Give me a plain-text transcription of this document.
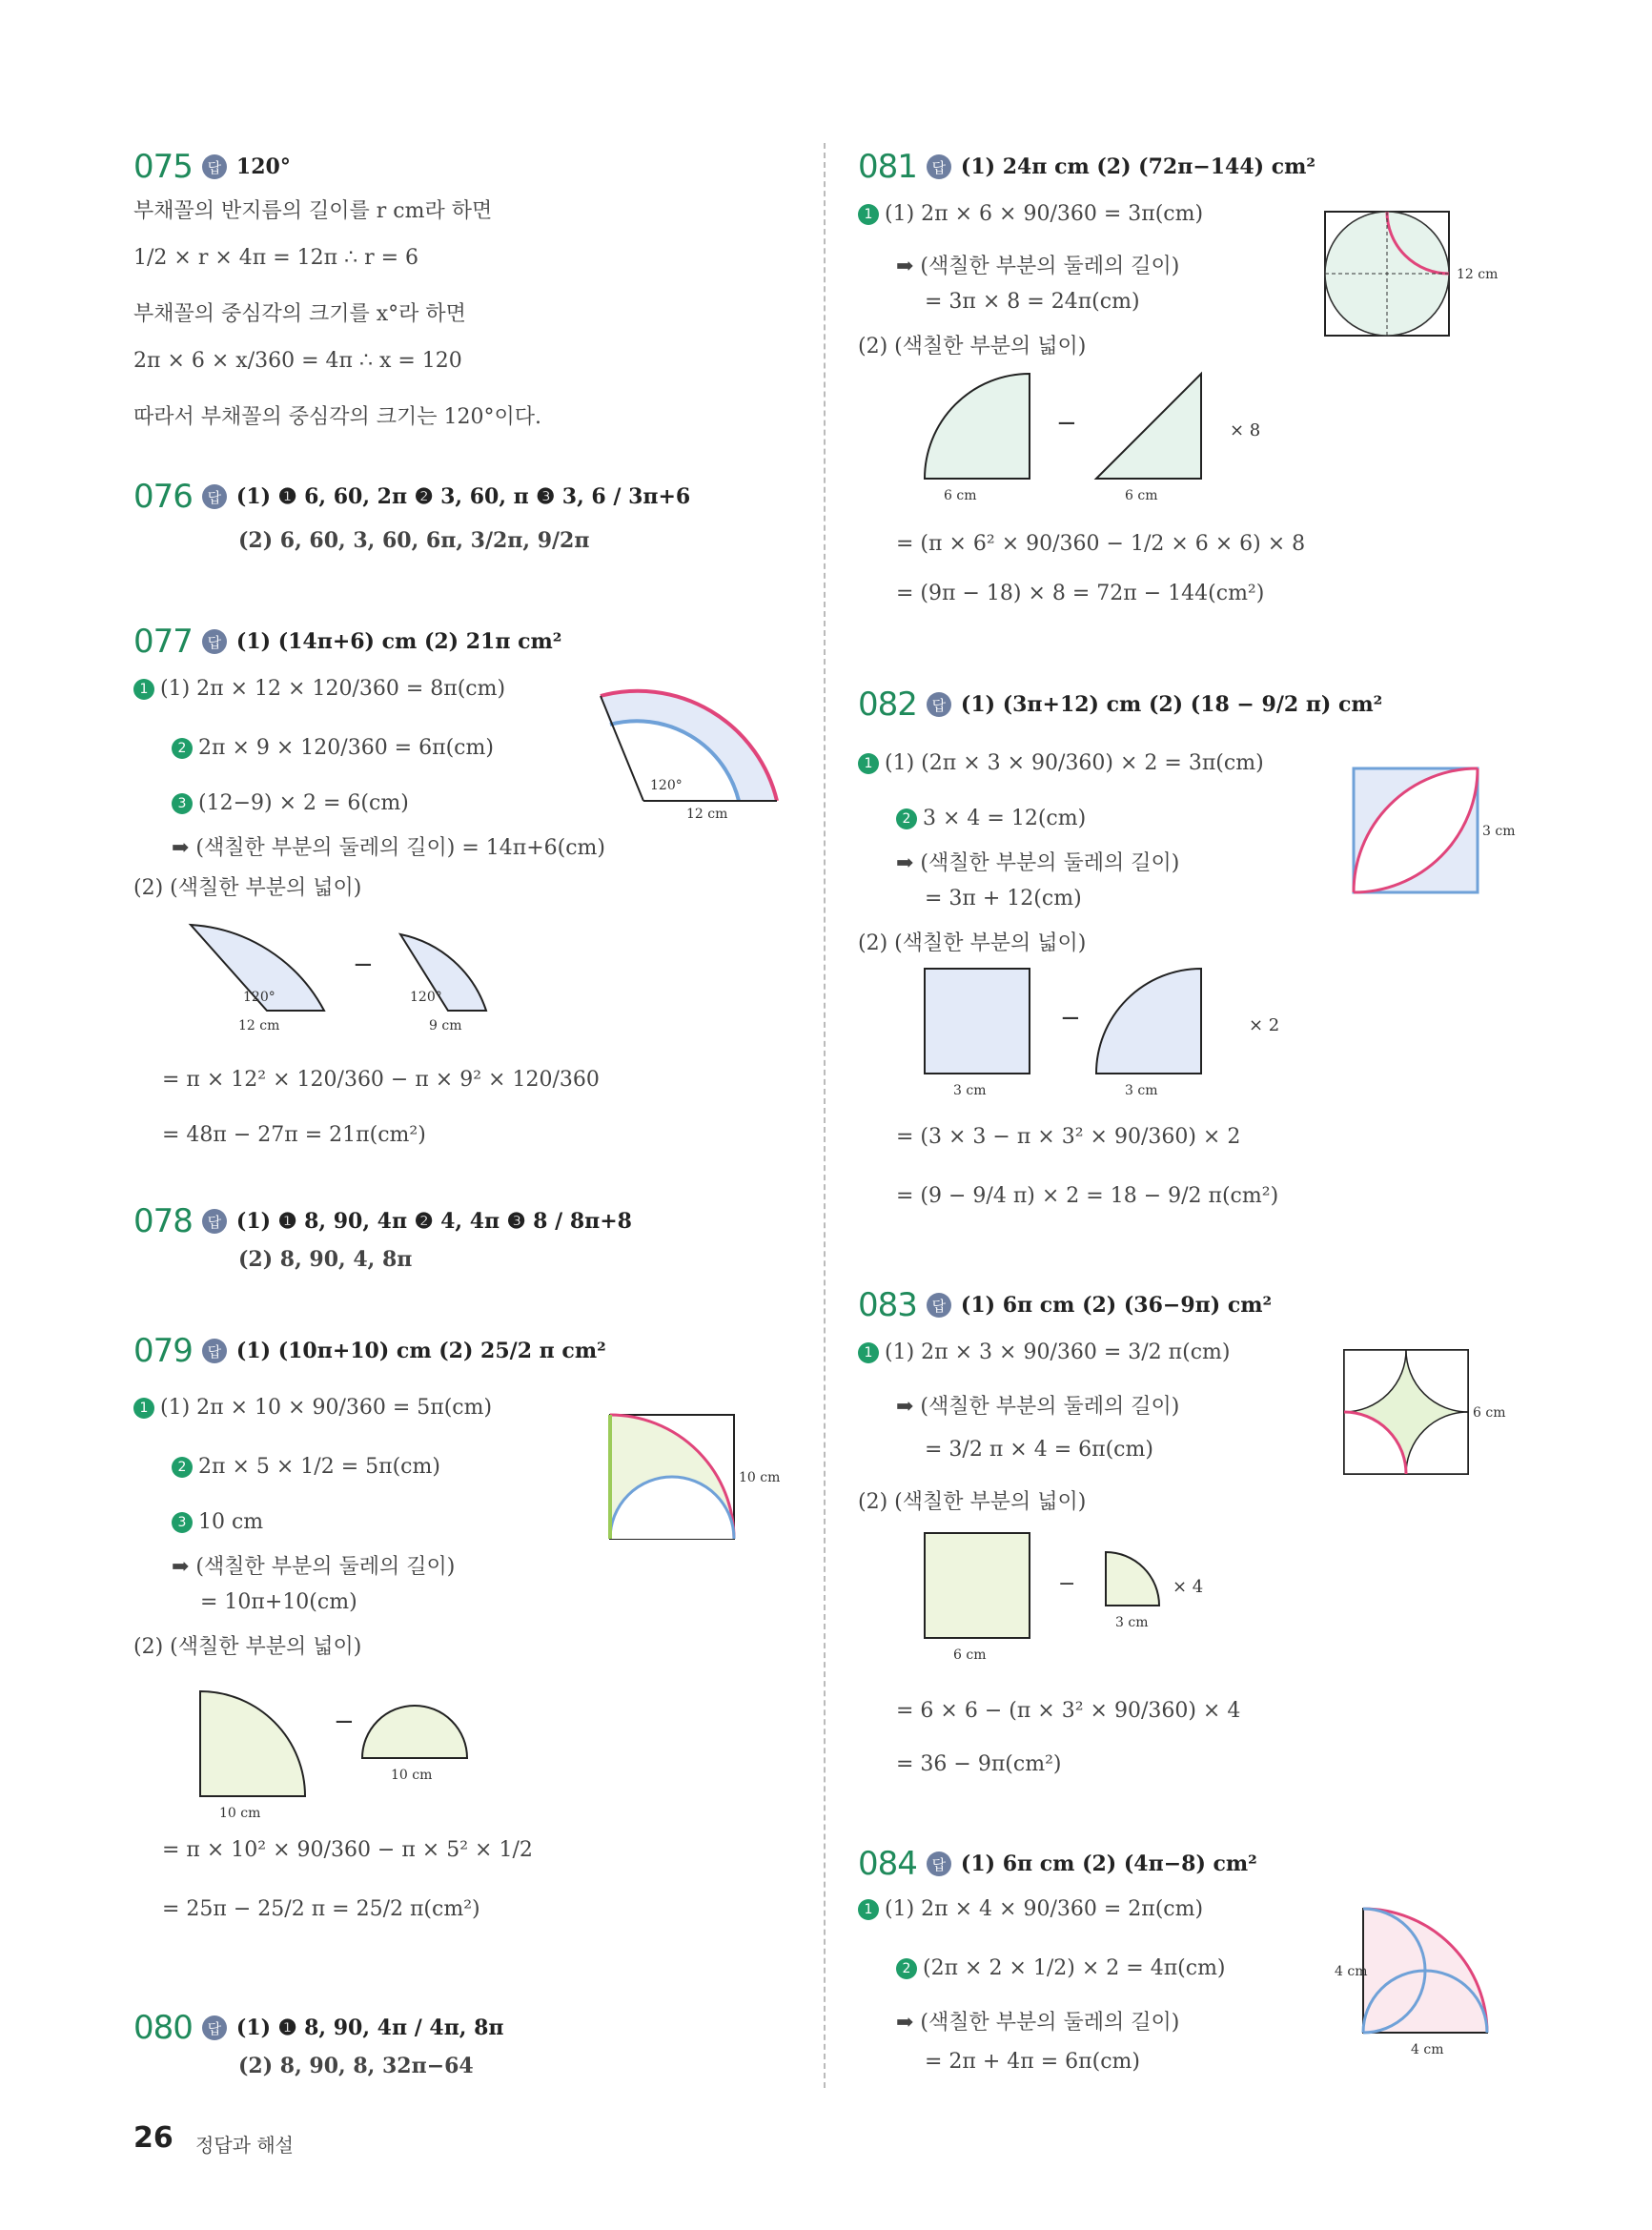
075	답 120°
부채꼴의 반지름의 길이를 r cm라 하면
1/2 × r × 4π = 12π ∴ r = 6
부채꼴의 중심각의 크기를 x°라 하면
2π × 6 × x/360 = 4π ∴ x = 120
따라서 부채꼴의 중심각의 크기는 120°이다.
076	답 (1) ❶ 6, 60, 2π ❷ 3, 60, π ❸ 3, 6 / 3π+6
(2) 6, 60, 3, 60, 6π, 3/2π, 9/2π
077	답 (1) (14π+6) cm (2) 21π cm²
1 (1) 2π × 12 × 120/360 = 8π(cm)
2 2π × 9 × 120/360 = 6π(cm)
3 (12−9) × 2 = 6(cm)
➡ (색칠한 부분의 둘레의 길이) = 14π+6(cm)
(2) (색칠한 부분의 넓이)
= π × 12² × 120/360 − π × 9² × 120/360
= 48π − 27π = 21π(cm²)
120°
12 cm
120°
12 cm
−
120°
9 cm
078	답 (1) ❶ 8, 90, 4π ❷ 4, 4π ❸ 8 / 8π+8
(2) 8, 90, 4, 8π
079	답 (1) (10π+10) cm (2) 25/2 π cm²
1 (1) 2π × 10 × 90/360 = 5π(cm)
2 2π × 5 × 1/2 = 5π(cm)
3 10 cm
➡ (색칠한 부분의 둘레의 길이)
= 10π+10(cm)
(2) (색칠한 부분의 넓이)
= π × 10² × 90/360 − π × 5² × 1/2
= 25π − 25/2 π = 25/2 π(cm²)
10 cm
10 cm
−
10 cm
080	답 (1) ❶ 8, 90, 4π / 4π, 8π
(2) 8, 90, 8, 32π−64
081	답 (1) 24π cm (2) (72π−144) cm²
1 (1) 2π × 6 × 90/360 = 3π(cm)
➡ (색칠한 부분의 둘레의 길이)
= 3π × 8 = 24π(cm)
(2) (색칠한 부분의 넓이)
= (π × 6² × 90/360 − 1/2 × 6 × 6) × 8
= (9π − 18) × 8 = 72π − 144(cm²)
12 cm
6 cm
−
6 cm
× 8
082	답 (1) (3π+12) cm (2) (18 − 9/2 π) cm²
1 (1) (2π × 3 × 90/360) × 2 = 3π(cm)
2 3 × 4 = 12(cm)
➡ (색칠한 부분의 둘레의 길이)
= 3π + 12(cm)
(2) (색칠한 부분의 넓이)
= (3 × 3 − π × 3² × 90/360) × 2
= (9 − 9/4 π) × 2 = 18 − 9/2 π(cm²)
3 cm
3 cm
−
3 cm
× 2
083	답 (1) 6π cm (2) (36−9π) cm²
1 (1) 2π × 3 × 90/360 = 3/2 π(cm)
➡ (색칠한 부분의 둘레의 길이)
= 3/2 π × 4 = 6π(cm)
(2) (색칠한 부분의 넓이)
= 6 × 6 − (π × 3² × 90/360) × 4
= 36 − 9π(cm²)
6 cm
6 cm
−
3 cm
× 4
084	답 (1) 6π cm (2) (4π−8) cm²
1 (1) 2π × 4 × 90/360 = 2π(cm)
2 (2π × 2 × 1/2) × 2 = 4π(cm)
➡ (색칠한 부분의 둘레의 길이)
= 2π + 4π = 6π(cm)
4 cm
4 cm
26 정답과 해설
